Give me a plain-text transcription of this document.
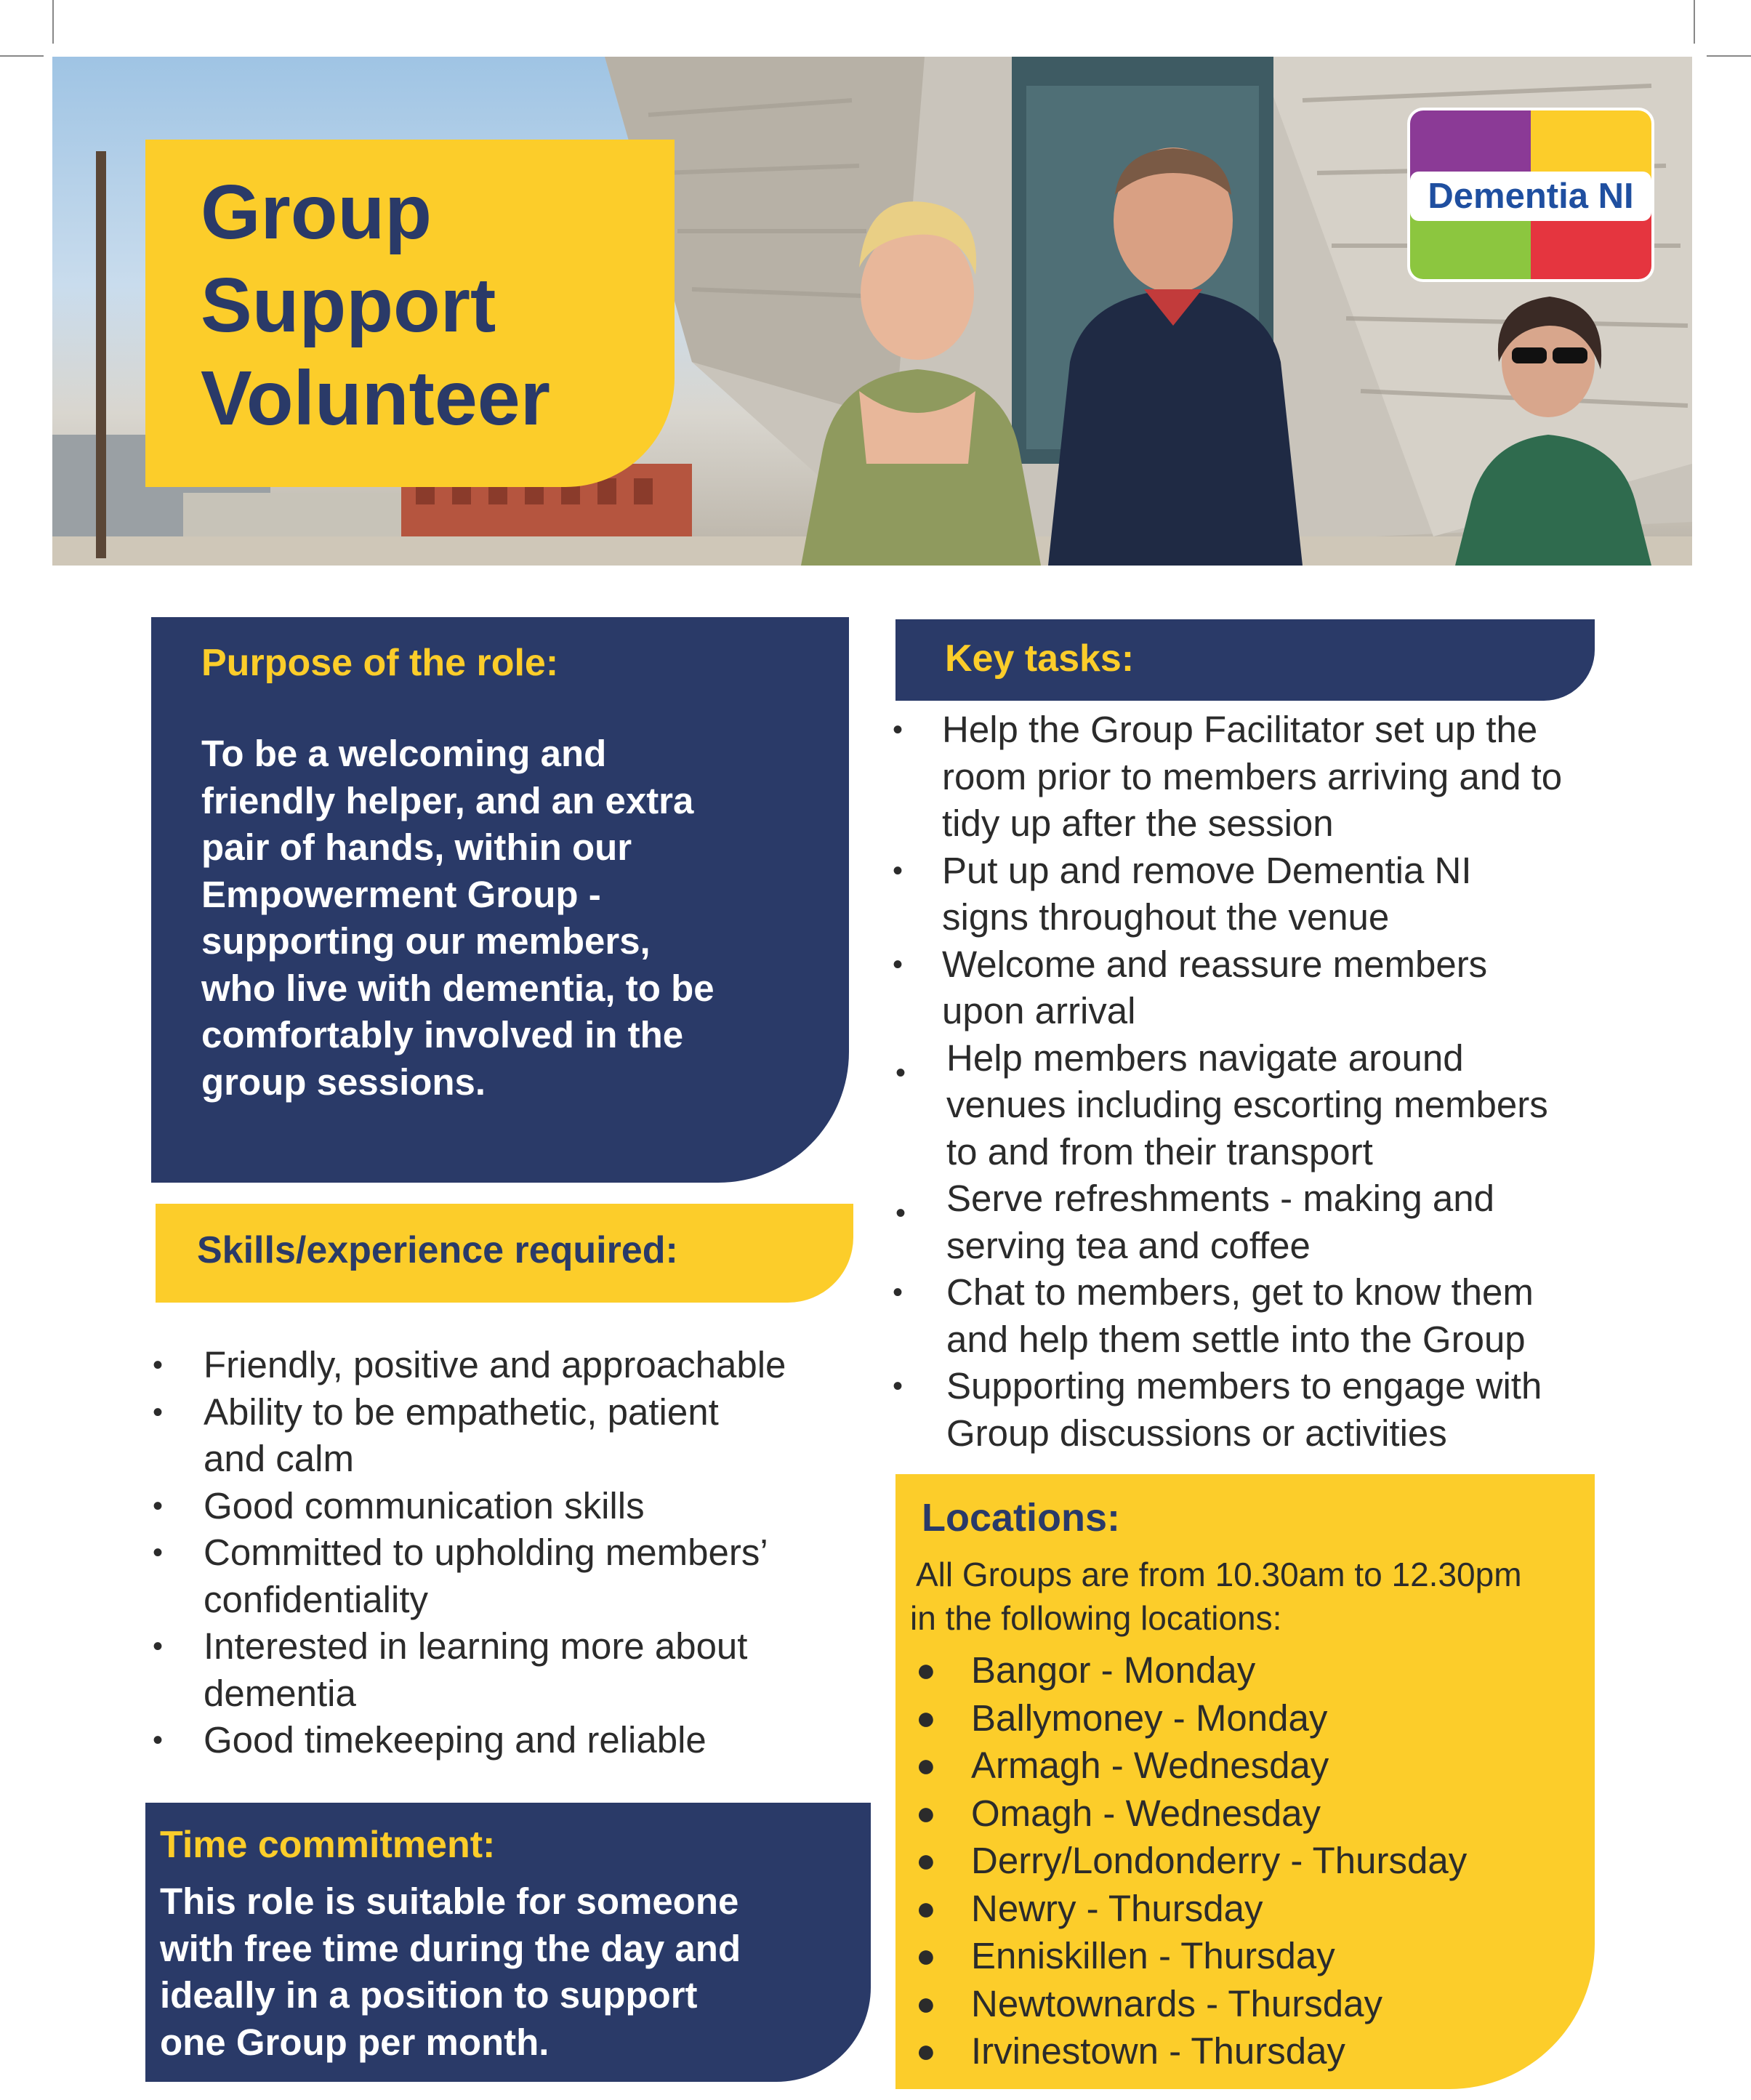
Group
Support
Volunteer
Dementia NI
Purpose of the role:
To be a welcoming and
friendly helper, and an extra
pair of hands, within our
Empowerment Group -
supporting our members,
who live with dementia, to be
comfortably involved in the
group sessions.
Skills/experience required:
• Friendly, positive and approachable
• Ability to be empathetic, patient
and calm
• Good communication skills
• Committed to upholding members’
confidentiality
• Interested in learning more about
dementia
• Good timekeeping and reliable
Time commitment:
This role is suitable for someone
with free time during the day and
ideally in a position to support
one Group per month.
Key tasks:
• Help the Group Facilitator set up the
room prior to members arriving and to
tidy up after the session
• Put up and remove Dementia NI
signs throughout the venue
• Welcome and reassure members
upon arrival
• Help members navigate around
venues including escorting members
to and from their transport
• Serve refreshments - making and
serving tea and coffee
• Chat to members, get to know them
and help them settle into the Group
• Supporting members to engage with
Group discussions or activities
Locations:
All Groups are from 10.30am to 12.30pm
in the following locations:
● Bangor - Monday
● Ballymoney - Monday
● Armagh - Wednesday
● Omagh - Wednesday
● Derry/Londonderry - Thursday
● Newry - Thursday
● Enniskillen - Thursday
● Newtownards - Thursday
● Irvinestown - Thursday
